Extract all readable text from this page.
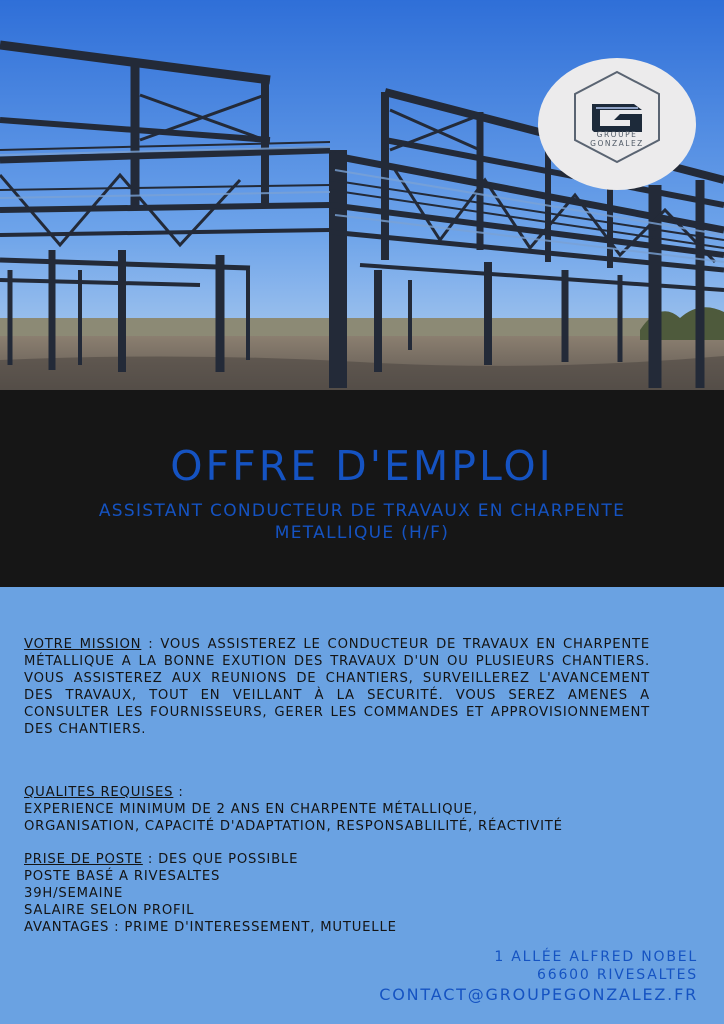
GROUPE
GONZALEZ
OFFRE D'EMPLOI
ASSISTANT CONDUCTEUR DE TRAVAUX EN CHARPENTE
METALLIQUE (H/F)
VOTRE MISSION : VOUS ASSISTEREZ LE CONDUCTEUR DE TRAVAUX EN CHARPENTE MÉTALLIQUE A LA BONNE EXUTION DES TRAVAUX D'UN OU PLUSIEURS CHANTIERS. VOUS ASSISTEREZ AUX REUNIONS DE CHANTIERS, SURVEILLEREZ L'AVANCEMENT DES TRAVAUX, TOUT EN VEILLANT À LA SECURITÉ. VOUS SEREZ AMENES A CONSULTER LES FOURNISSEURS, GERER LES COMMANDES ET APPROVISIONNEMENT DES CHANTIERS.
QUALITES REQUISES :
EXPERIENCE MINIMUM DE 2 ANS EN CHARPENTE MÉTALLIQUE,
ORGANISATION, CAPACITÉ D'ADAPTATION, RESPONSABLILITÉ, RÉACTIVITÉ
PRISE DE POSTE : DES QUE POSSIBLE
POSTE BASÉ A RIVESALTES
39H/SEMAINE
SALAIRE SELON PROFIL
AVANTAGES : PRIME D'INTERESSEMENT, MUTUELLE
1 ALLÉE ALFRED NOBEL
66600 RIVESALTES
CONTACT@GROUPEGONZALEZ.FR
